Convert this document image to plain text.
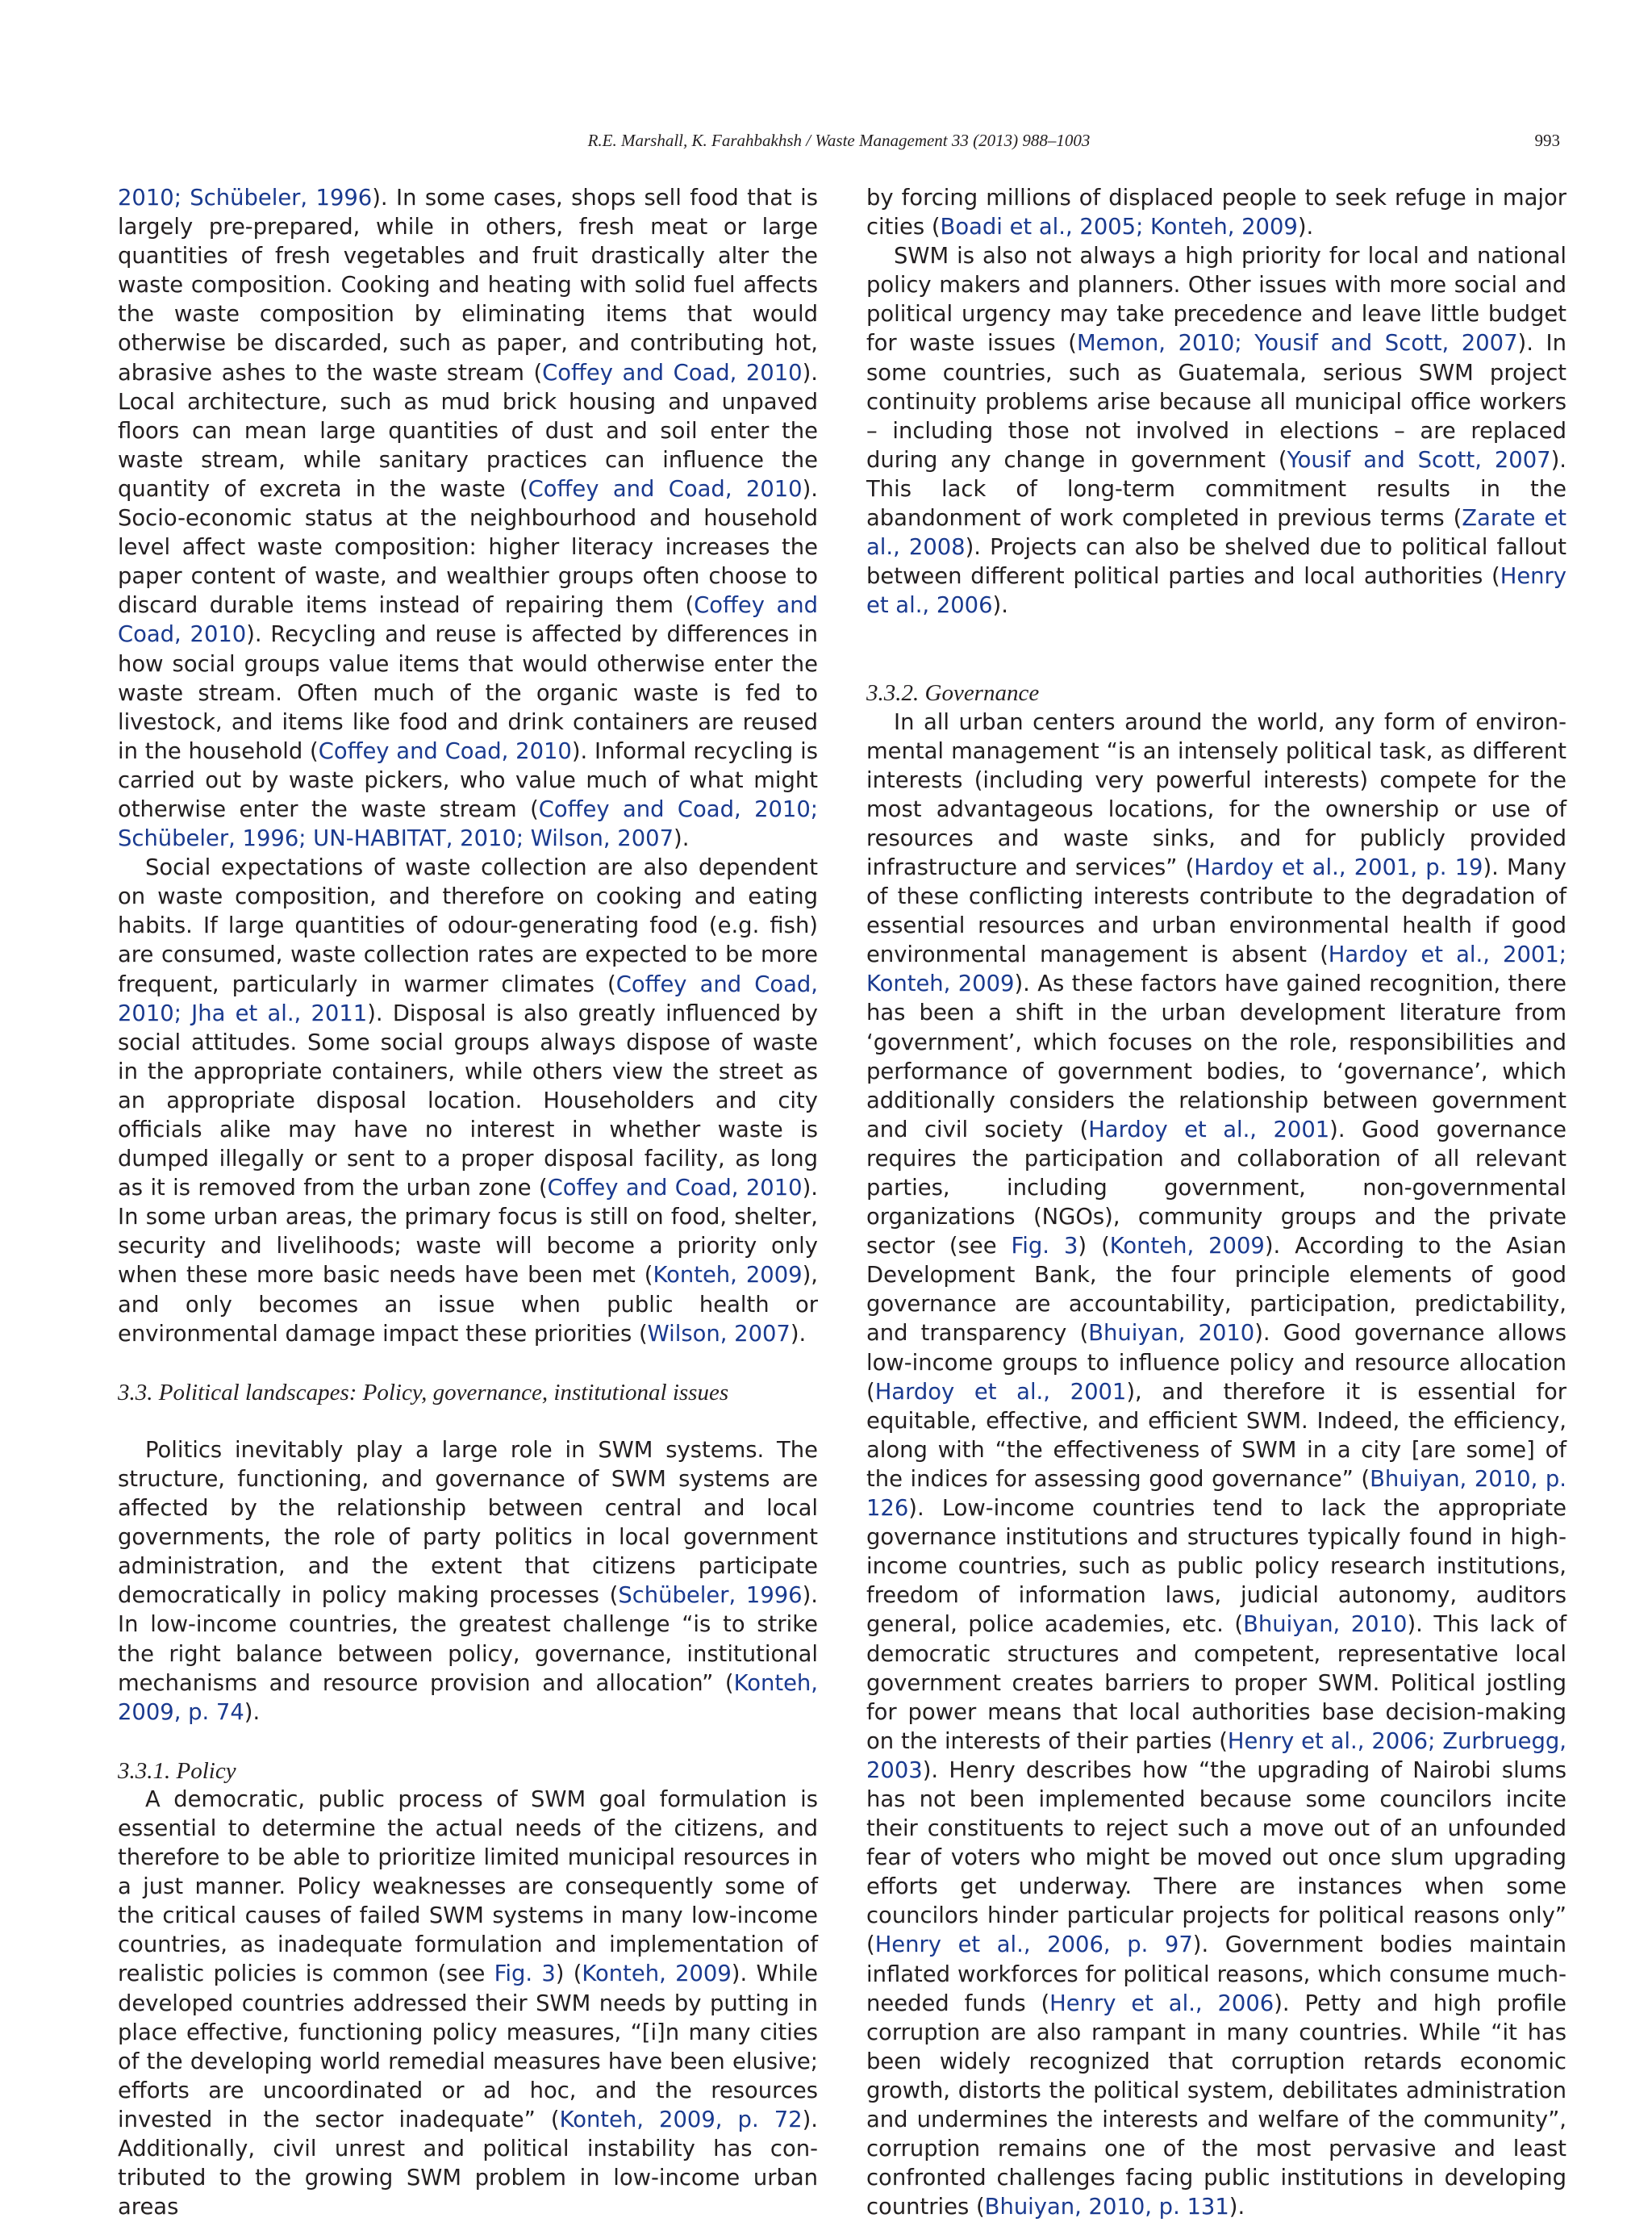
R.E. Marshall, K. Farahbakhsh / Waste Management 33 (2013) 988–1003	993

2010; Schübeler, 1996). In some cases, shops sell food that is largely pre-prepared, while in others, fresh meat or large quantities of fresh vegetables and fruit drastically alter the waste composition. Cooking and heating with solid fuel affects the waste composition by eliminating items that would otherwise be discarded, such as paper, and contributing hot, abrasive ashes to the waste stream (Coffey and Coad, 2010). Local architecture, such as mud brick housing and unpaved floors can mean large quantities of dust and soil enter the waste stream, while sanitary practices can influence the quantity of excreta in the waste (Coffey and Coad, 2010). Socio-economic status at the neighbourhood and household level affect waste composition: higher literacy increases the paper content of waste, and wealthier groups often choose to discard durable items instead of repairing them (Coffey and Coad, 2010). Recycling and reuse is affected by differences in how social groups value items that would otherwise enter the waste stream. Often much of the organic waste is fed to livestock, and items like food and drink containers are reused in the household (Coffey and Coad, 2010). Informal recycling is carried out by waste pickers, who value much of what might otherwise enter the waste stream (Coffey and Coad, 2010; Schübeler, 1996; UN-HABITAT, 2010; Wilson, 2007).

Social expectations of waste collection are also dependent on waste composition, and therefore on cooking and eating habits. If large quantities of odour-generating food (e.g. fish) are consumed, waste collection rates are expected to be more frequent, particularly in warmer climates (Coffey and Coad, 2010; Jha et al., 2011). Disposal is also greatly influenced by social attitudes. Some social groups always dispose of waste in the appropriate containers, while others view the street as an appropriate disposal location. Householders and city officials alike may have no interest in whether waste is dumped illegally or sent to a proper disposal facility, as long as it is removed from the urban zone (Coffey and Coad, 2010). In some urban areas, the primary focus is still on food, shelter, security and livelihoods; waste will become a priority only when these more basic needs have been met (Konteh, 2009), and only becomes an issue when public health or environmental damage impact these priorities (Wilson, 2007).

3.3. Political landscapes: Policy, governance, institutional issues

Politics inevitably play a large role in SWM systems. The structure, functioning, and governance of SWM systems are affected by the relationship between central and local governments, the role of party politics in local government administration, and the extent that citizens participate democratically in policy making processes (Schübeler, 1996). In low-income countries, the greatest challenge “is to strike the right balance between policy, governance, institutional mechanisms and resource provision and allocation” (Konteh, 2009, p. 74).

3.3.1. Policy

A democratic, public process of SWM goal formulation is essential to determine the actual needs of the citizens, and therefore to be able to prioritize limited municipal resources in a just manner. Policy weaknesses are consequently some of the critical causes of failed SWM systems in many low-income countries, as inadequate formulation and implementation of realistic policies is common (see Fig. 3) (Konteh, 2009). While developed countries addressed their SWM needs by putting in place effective, functioning policy measures, “[i]n many cities of the developing world remedial measures have been elusive; efforts are uncoordinated or ad hoc, and the resources invested in the sector inadequate” (Konteh, 2009, p. 72). Additionally, civil unrest and political instability has contributed to the growing SWM problem in low-income urban areas

by forcing millions of displaced people to seek refuge in major cities (Boadi et al., 2005; Konteh, 2009).

SWM is also not always a high priority for local and national policy makers and planners. Other issues with more social and political urgency may take precedence and leave little budget for waste issues (Memon, 2010; Yousif and Scott, 2007). In some countries, such as Guatemala, serious SWM project continuity problems arise because all municipal office workers – including those not involved in elections – are replaced during any change in government (Yousif and Scott, 2007). This lack of long-term commitment results in the abandonment of work completed in previous terms (Zarate et al., 2008). Projects can also be shelved due to political fallout between different political parties and local authorities (Henry et al., 2006).

3.3.2. Governance

In all urban centers around the world, any form of environmental management “is an intensely political task, as different interests (including very powerful interests) compete for the most advantageous locations, for the ownership or use of resources and waste sinks, and for publicly provided infrastructure and services” (Hardoy et al., 2001, p. 19). Many of these conflicting interests contribute to the degradation of essential resources and urban environmental health if good environmental management is absent (Hardoy et al., 2001; Konteh, 2009). As these factors have gained recognition, there has been a shift in the urban development literature from ‘government’, which focuses on the role, responsibilities and performance of government bodies, to ‘governance’, which additionally considers the relationship between government and civil society (Hardoy et al., 2001). Good governance requires the participation and collaboration of all relevant parties, including government, non-governmental organizations (NGOs), community groups and the private sector (see Fig. 3) (Konteh, 2009). According to the Asian Development Bank, the four principle elements of good governance are accountability, participation, predictability, and transparency (Bhuiyan, 2010). Good governance allows low-income groups to influence policy and resource allocation (Hardoy et al., 2001), and therefore it is essential for equitable, effective, and efficient SWM. Indeed, the efficiency, along with “the effectiveness of SWM in a city [are some] of the indices for assessing good governance” (Bhuiyan, 2010, p. 126). Low-income countries tend to lack the appropriate governance institutions and structures typically found in high-income countries, such as public policy research institutions, freedom of information laws, judicial autonomy, auditors general, police academies, etc. (Bhuiyan, 2010). This lack of democratic structures and competent, representative local government creates barriers to proper SWM. Political jostling for power means that local authorities base decision-making on the interests of their parties (Henry et al., 2006; Zurbruegg, 2003). Henry describes how “the upgrading of Nairobi slums has not been implemented because some councilors incite their constituents to reject such a move out of an unfounded fear of voters who might be moved out once slum upgrading efforts get underway. There are instances when some councilors hinder particular projects for political reasons only” (Henry et al., 2006, p. 97). Government bodies maintain inflated workforces for political reasons, which consume much-needed funds (Henry et al., 2006). Petty and high profile corruption are also rampant in many countries. While “it has been widely recognized that corruption retards economic growth, distorts the political system, debilitates administration and undermines the interests and welfare of the community”, corruption remains one of the most pervasive and least confronted challenges facing public institutions in developing countries (Bhuiyan, 2010, p. 131).
